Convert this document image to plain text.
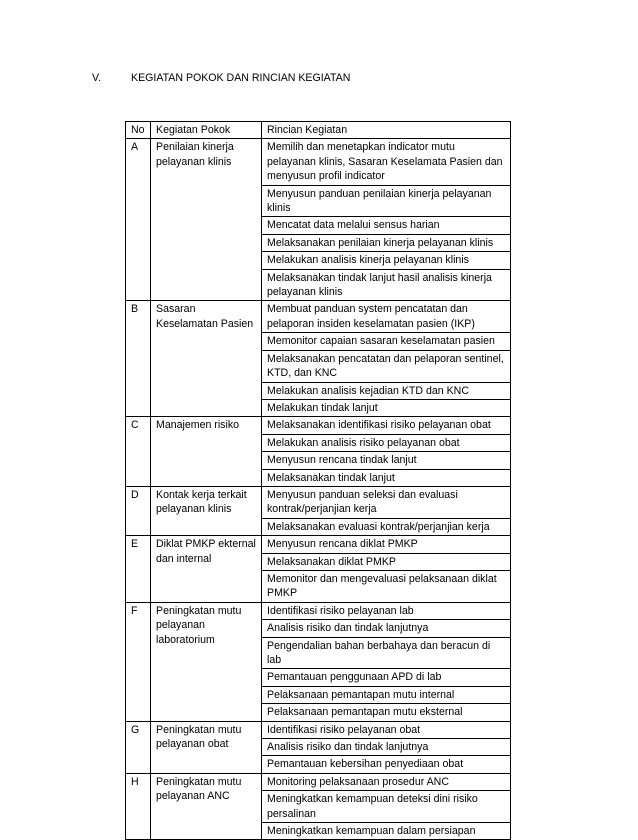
V.	KEGIATAN POKOK DAN RINCIAN KEGIATAN
No	Kegiatan Pokok	Rincian Kegiatan
A	Penilaian kinerja pelayanan klinis	Memilih dan menetapkan indicator mutu pelayanan klinis, Sasaran Keselamata Pasien dan menyusun profil indicator
		Menyusun panduan penilaian kinerja pelayanan klinis
		Mencatat data melalui sensus harian
		Melaksanakan penilaian kinerja pelayanan klinis
		Melakukan analisis kinerja pelayanan klinis
		Melaksanakan tindak lanjut hasil analisis kinerja pelayanan klinis
B	Sasaran Keselamatan Pasien	Membuat panduan system pencatatan dan pelaporan insiden keselamatan pasien (IKP)
		Memonitor capaian sasaran keselamatan pasien
		Melaksanakan pencatatan dan pelaporan sentinel, KTD, dan KNC
		Melakukan analisis kejadian KTD dan KNC
		Melakukan tindak lanjut
C	Manajemen risiko	Melaksanakan identifikasi risiko pelayanan obat
		Melakukan analisis risiko pelayanan obat
		Menyusun rencana tindak lanjut
		Melaksanakan tindak lanjut
D	Kontak kerja terkait pelayanan klinis	Menyusun panduan seleksi dan evaluasi kontrak/perjanjian kerja
		Melaksanakan evaluasi kontrak/perjanjian kerja
E	Diklat PMKP ekternal dan internal	Menyusun rencana diklat PMKP
		Melaksanakan diklat PMKP
		Memonitor dan mengevaluasi pelaksanaan diklat PMKP
F	Peningkatan mutu pelayanan laboratorium	Identifikasi risiko pelayanan lab
		Analisis risiko dan tindak lanjutnya
		Pengendalian bahan berbahaya dan beracun di lab
		Pemantauan penggunaan APD di lab
		Pelaksanaan pemantapan mutu internal
		Pelaksanaan pemantapan mutu eksternal
G	Peningkatan mutu pelayanan obat	Identifikasi risiko pelayanan obat
		Analisis risiko dan tindak lanjutnya
		Pemantauan kebersihan penyediaan obat
H	Peningkatan mutu pelayanan ANC	Monitoring pelaksanaan prosedur ANC
		Meningkatkan kemampuan deteksi dini risiko persalinan
		Meningkatkan kemampuan dalam persiapan
